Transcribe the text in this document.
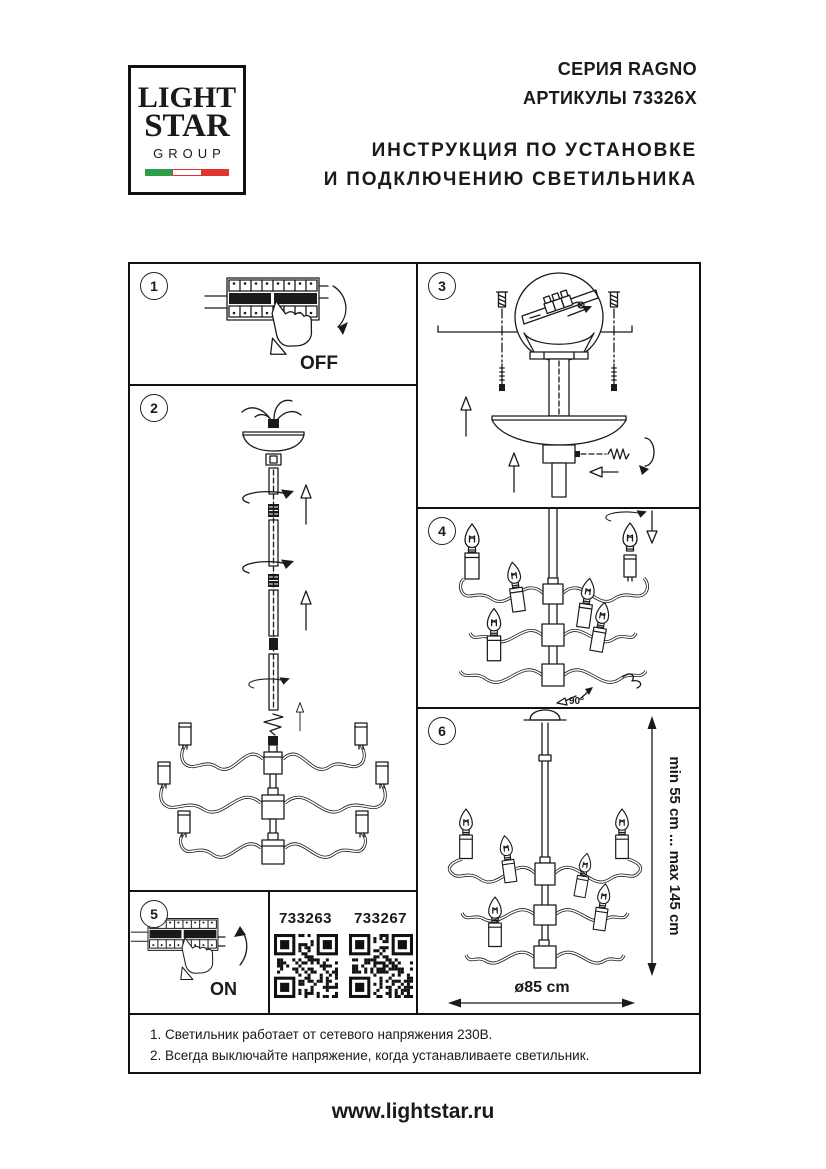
LIGHT
STAR
GROUP
СЕРИЯ RAGNO
АРТИКУЛЫ 73326X
ИНСТРУКЦИЯ ПО УСТАНОВКЕ
И ПОДКЛЮЧЕНИЮ СВЕТИЛЬНИКА
1
OFF
2
3
4
90°
5
ON
733263	733267
6
min 55 cm ... max 145 cm
ø85 cm
1. Светильник работает от сетевого напряжения 230В.
2. Всегда выключайте напряжение, когда устанавливаете светильник.
www.lightstar.ru
